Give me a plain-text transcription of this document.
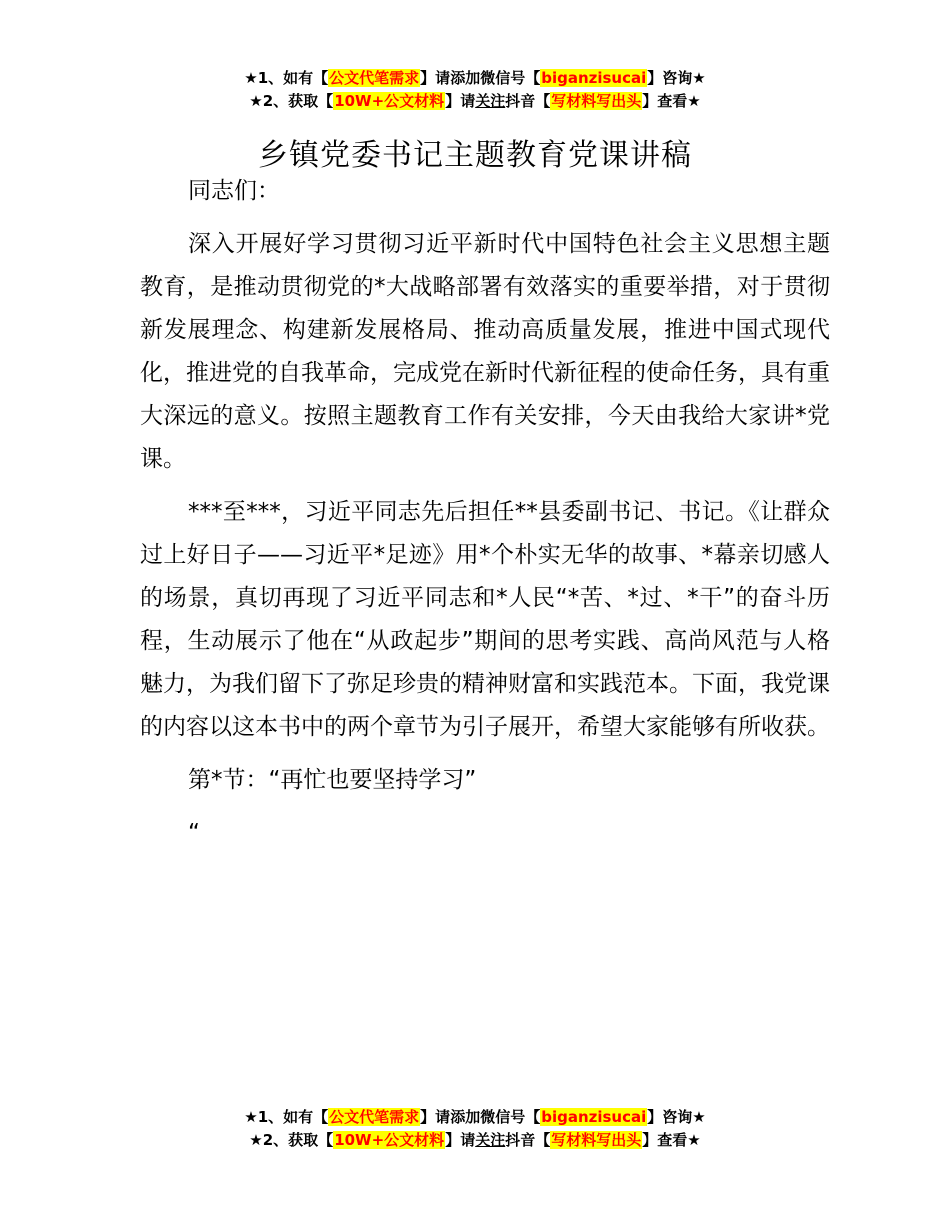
★1、如有【公文代笔需求】请添加微信号【biganzisucai】咨询★
★2、获取【10W+公文材料】请关注抖音【写材料写出头】查看★
乡镇党委书记主题教育党课讲稿

同志们：

深入开展好学习贯彻习近平新时代中国特色社会主义思想主题教育，是推动贯彻党的*大战略部署有效落实的重要举措，对于贯彻新发展理念、构建新发展格局、推动高质量发展，推进中国式现代化，推进党的自我革命，完成党在新时代新征程的使命任务，具有重大深远的意义。按照主题教育工作有关安排，今天由我给大家讲*党课。

***至***，习近平同志先后担任**县委副书记、书记。《让群众过上好日子——习近平*足迹》用*个朴实无华的故事、*幕亲切感人的场景，真切再现了习近平同志和*人民“*苦、*过、*干”的奋斗历程，生动展示了他在“从政起步”期间的思考实践、高尚风范与人格魅力，为我们留下了弥足珍贵的精神财富和实践范本。下面，我党课的内容以这本书中的两个章节为引子展开，希望大家能够有所收获。

第*节：“再忙也要坚持学习”

“

★1、如有【公文代笔需求】请添加微信号【biganzisucai】咨询★
★2、获取【10W+公文材料】请关注抖音【写材料写出头】查看★
